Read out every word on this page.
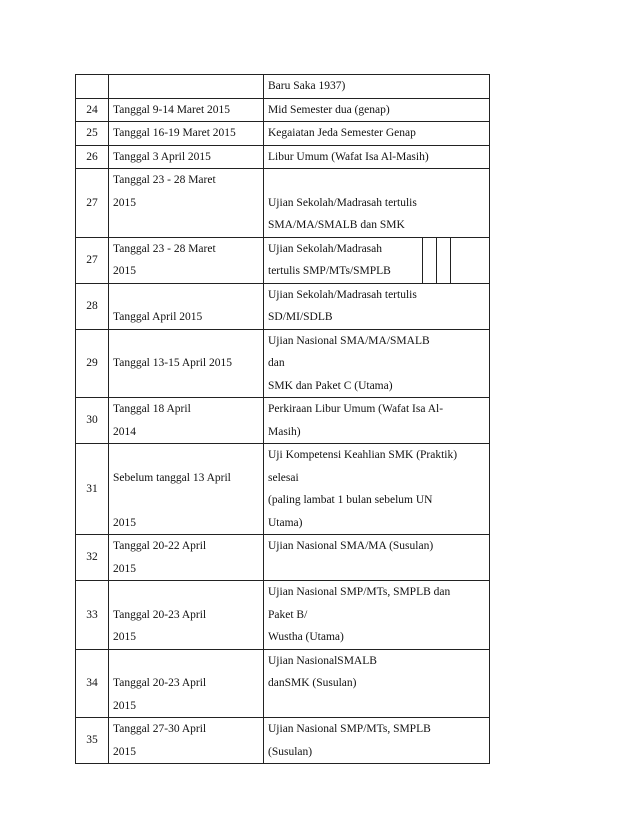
		Baru Saka 1937)

24	Tanggal 9-14 Maret 2015	Mid Semester dua (genap)

25	Tanggal 16-19 Maret 2015	Kegaiatan Jeda Semester Genap

26	Tanggal 3 April 2015	Libur Umum (Wafat Isa Al-Masih)

27	Tanggal 23 - 28 Maret
2015	Ujian Sekolah/Madrasah tertulis
SMA/MA/SMALB dan SMK

27	Tanggal 23 - 28 Maret
2015	Ujian Sekolah/Madrasah
tertulis SMP/MTs/SMPLB

28	Tanggal April 2015	Ujian Sekolah/Madrasah tertulis
SD/MI/SDLB

29	Tanggal 13-15 April 2015	Ujian Nasional SMA/MA/SMALB
dan
SMK dan Paket C (Utama)

30	Tanggal 18 April
2014	Perkiraan Libur Umum (Wafat Isa Al-
Masih)

31	Sebelum tanggal 13 April
2015	Uji Kompetensi Keahlian SMK (Praktik)
selesai
(paling lambat 1 bulan sebelum UN
Utama)

32	Tanggal 20-22 April
2015	Ujian Nasional SMA/MA (Susulan)

33	Tanggal 20-23 April
2015	Ujian Nasional SMP/MTs, SMPLB dan
Paket B/
Wustha (Utama)

34	Tanggal 20-23 April
2015	Ujian NasionalSMALB
danSMK (Susulan)

35	Tanggal 27-30 April
2015	Ujian Nasional SMP/MTs, SMPLB
(Susulan)
